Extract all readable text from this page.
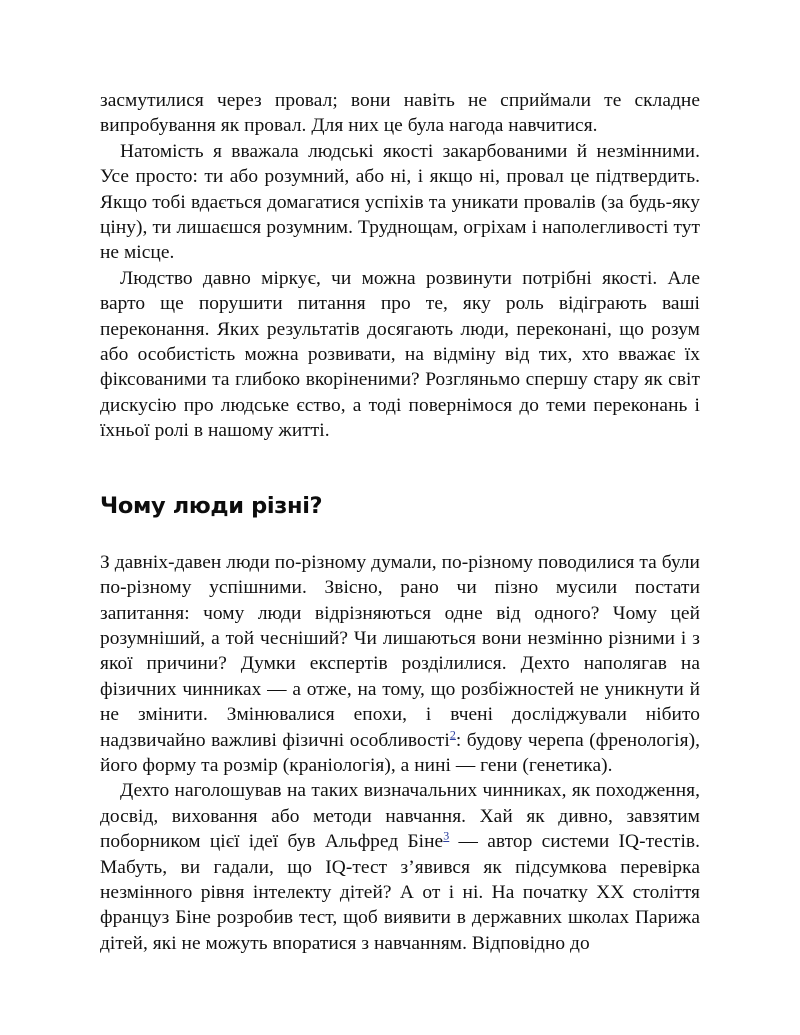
засмутилися через провал; вони навіть не сприймали те складне випробування як провал. Для них це була нагода навчитися.

Натомість я вважала людські якості закарбованими й незмінними. Усе просто: ти або розумний, або ні, і якщо ні, провал це підтвердить. Якщо тобі вдається домагатися успіхів та уникати провалів (за будь-яку ціну), ти лишаєшся розумним. Труднощам, огріхам і наполегливості тут не місце.

Людство давно міркує, чи можна розвинути потрібні якості. Але варто ще порушити питання про те, яку роль відіграють ваші переконання. Яких результатів досягають люди, переконані, що розум або особистість можна розвивати, на відміну від тих, хто вважає їх фіксованими та глибоко вкоріненими? Розгляньмо спершу стару як світ дискусію про людське єство, а тоді повернімося до теми переконань і їхньої ролі в нашому житті.

Чому люди різні?

З давніх-давен люди по-різному думали, по-різному поводилися та були по-різному успішними. Звісно, рано чи пізно мусили постати запитання: чому люди відрізняються одне від одного? Чому цей розумніший, а той чесніший? Чи лишаються вони незмінно різними і з якої причини? Думки експертів розділилися. Дехто наполягав на фізичних чинниках — а отже, на тому, що розбіжностей не уникнути й не змінити. Змінювалися епохи, і вчені досліджували нібито надзвичайно важливі фізичні особливості$^2$: будову черепа (френологія), його форму та розмір (краніологія), а нині — гени (генетика).

Дехто наголошував на таких визначальних чинниках, як походження, досвід, виховання або методи навчання. Хай як дивно, завзятим поборником цієї ідеї був Альфред Біне$^3$ — автор системи IQ-тестів. Мабуть, ви гадали, що IQ-тест з’явився як підсумкова перевірка незмінного рівня інтелекту дітей? А от і ні. На початку ХХ століття француз Біне розробив тест, щоб виявити в державних школах Парижа дітей, які не можуть впоратися з навчанням. Відповідно до
